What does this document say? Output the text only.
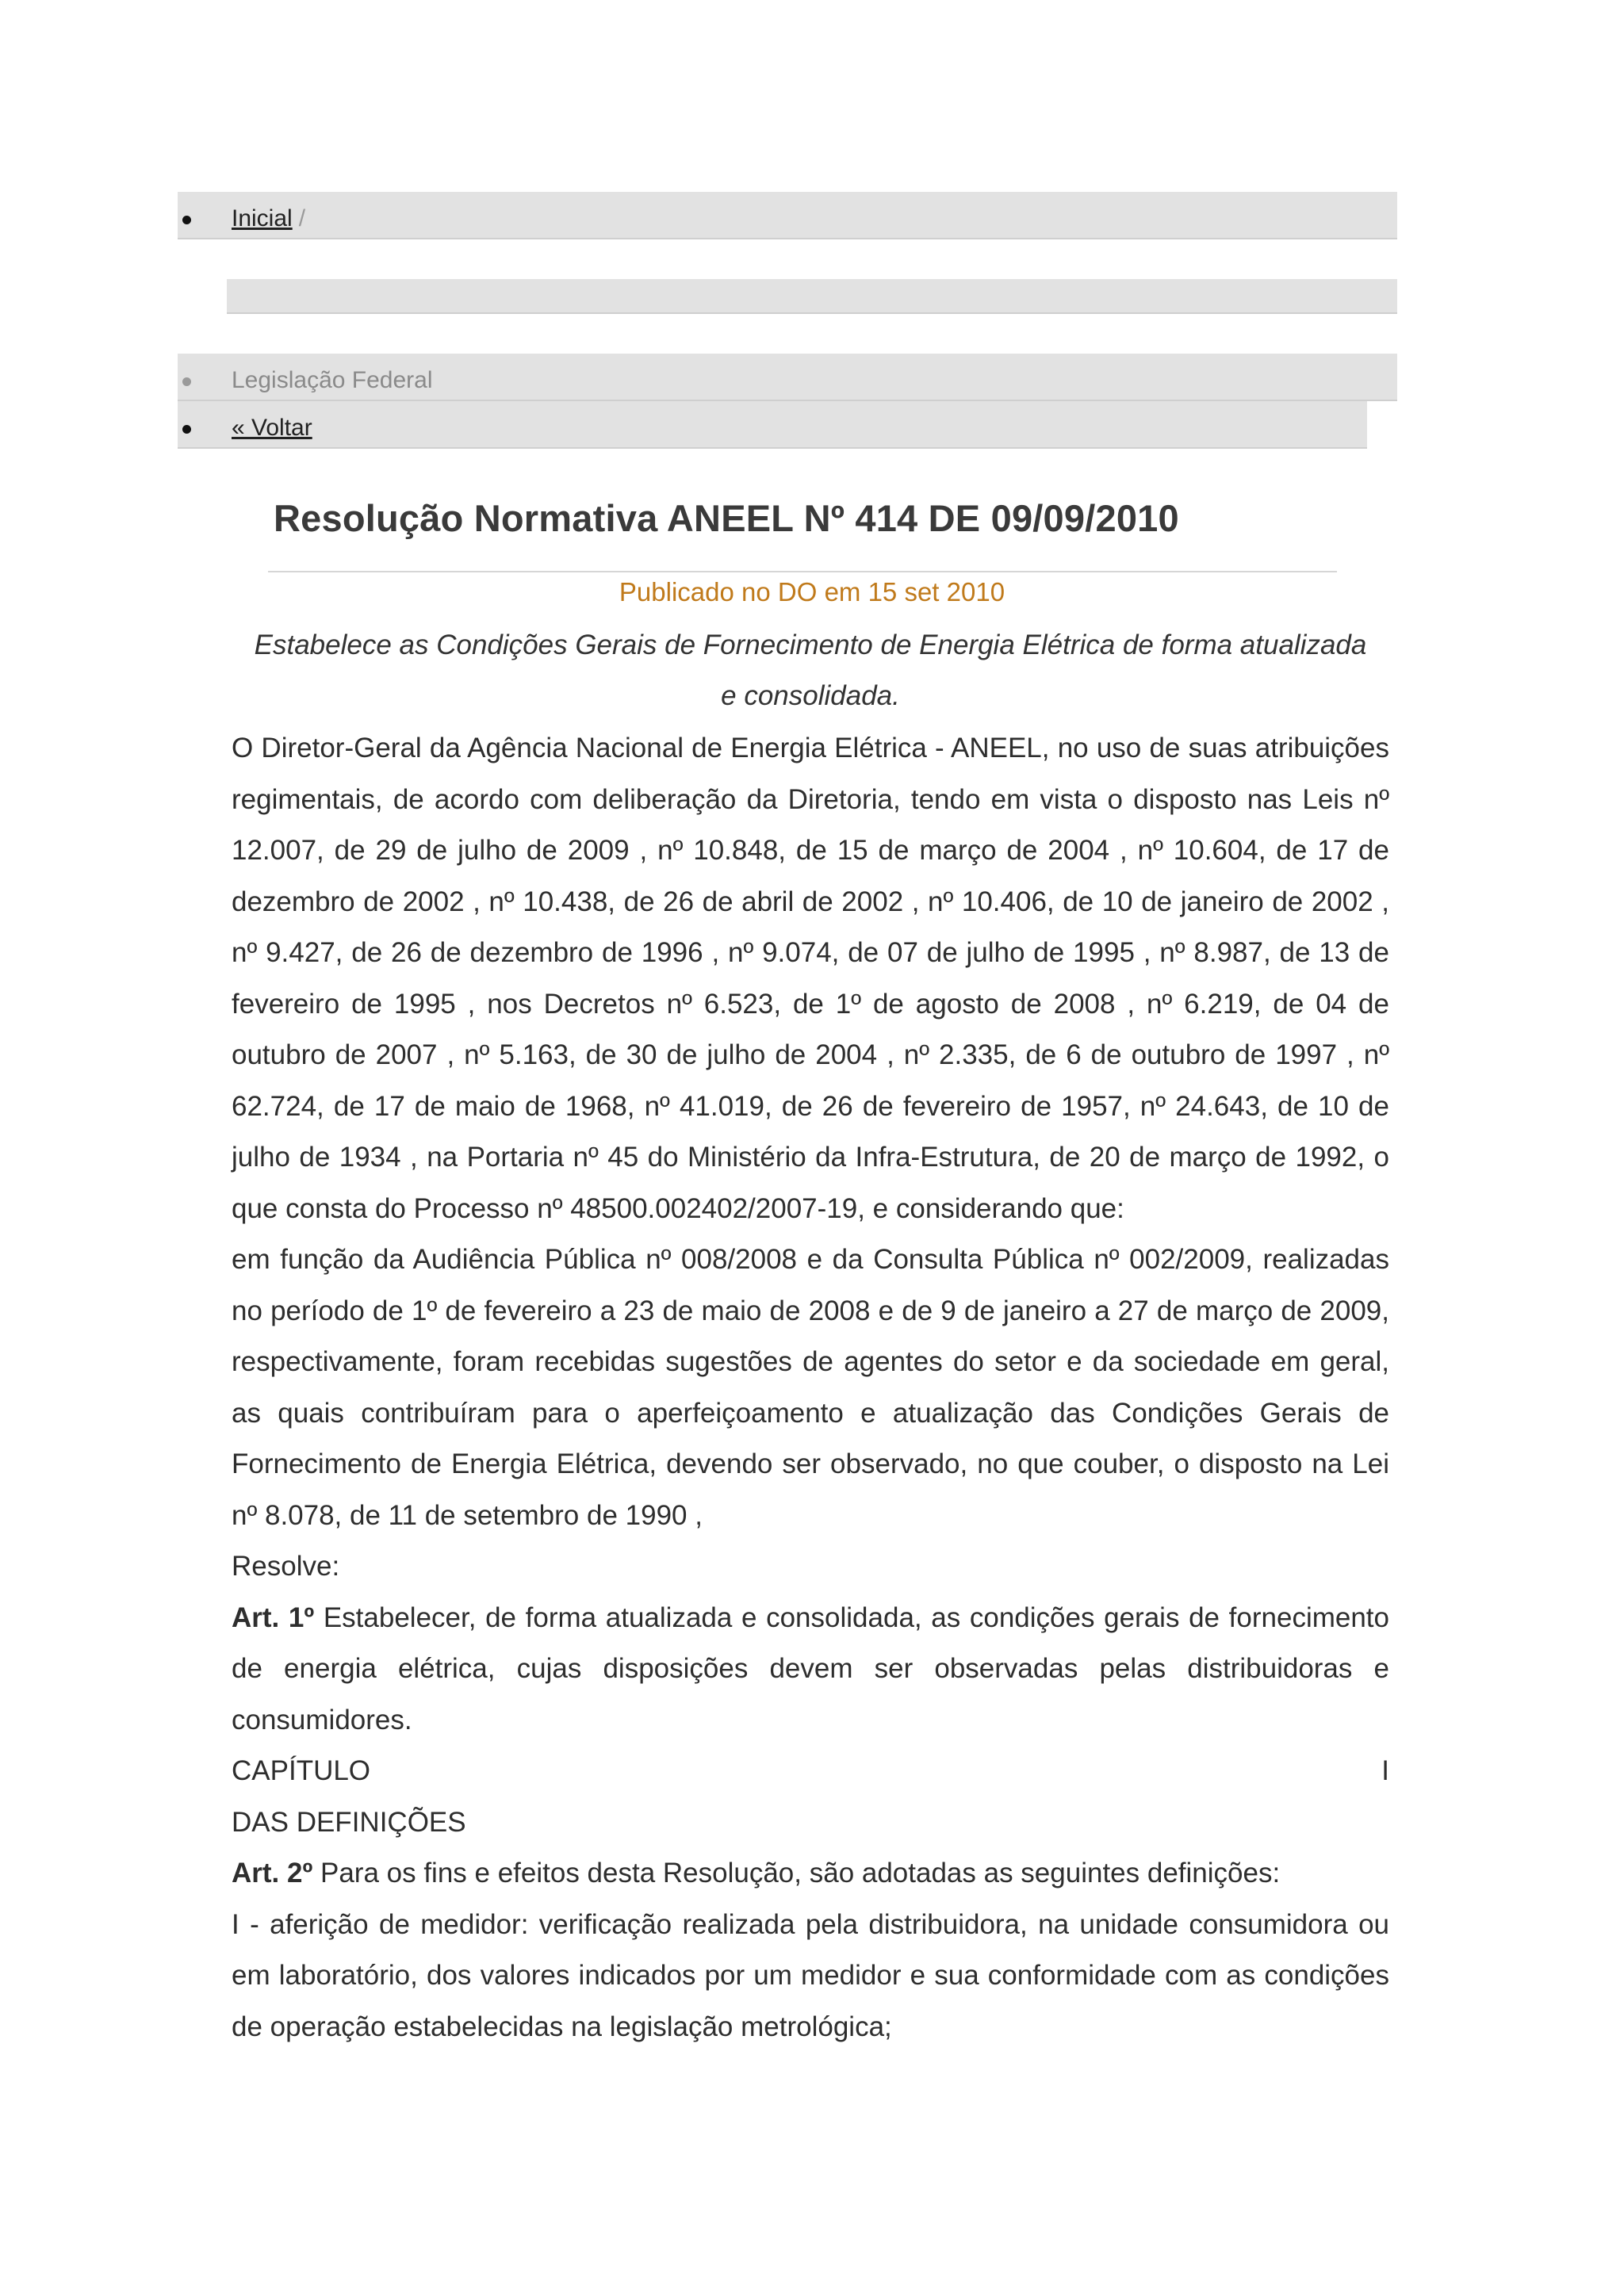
Inicial /
Legislação Federal
« Voltar
Resolução Normativa ANEEL Nº 414 DE 09/09/2010
Publicado no DO em 15 set 2010
Estabelece as Condições Gerais de Fornecimento de Energia Elétrica de forma atualizada
e consolidada.

O Diretor-Geral da Agência Nacional de Energia Elétrica - ANEEL, no uso de suas atribuições regimentais, de acordo com deliberação da Diretoria, tendo em vista o disposto nas Leis nº 12.007, de 29 de julho de 2009 , nº 10.848, de 15 de março de 2004 , nº 10.604, de 17 de dezembro de 2002 , nº 10.438, de 26 de abril de 2002 , nº 10.406, de 10 de janeiro de 2002 , nº 9.427, de 26 de dezembro de 1996 , nº 9.074, de 07 de julho de 1995 , nº 8.987, de 13 de fevereiro de 1995 , nos Decretos nº 6.523, de 1º de agosto de 2008 , nº 6.219, de 04 de outubro de 2007 , nº 5.163, de 30 de julho de 2004 , nº 2.335, de 6 de outubro de 1997 , nº 62.724, de 17 de maio de 1968, nº 41.019, de 26 de fevereiro de 1957, nº 24.643, de 10 de julho de 1934 , na Portaria nº 45 do Ministério da Infra-Estrutura, de 20 de março de 1992, o que consta do Processo nº 48500.002402/2007-19, e considerando que:

em função da Audiência Pública nº 008/2008 e da Consulta Pública nº 002/2009, realizadas no período de 1º de fevereiro a 23 de maio de 2008 e de 9 de janeiro a 27 de março de 2009, respectivamente, foram recebidas sugestões de agentes do setor e da sociedade em geral, as quais contribuíram para o aperfeiçoamento e atualização das Condições Gerais de Fornecimento de Energia Elétrica, devendo ser observado, no que couber, o disposto na Lei nº 8.078, de 11 de setembro de 1990 ,

Resolve:

Art. 1º Estabelecer, de forma atualizada e consolidada, as condições gerais de fornecimento de energia elétrica, cujas disposições devem ser observadas pelas distribuidoras e consumidores.

CAPÍTULO	I

DAS DEFINIÇÕES

Art. 2º Para os fins e efeitos desta Resolução, são adotadas as seguintes definições:

I - aferição de medidor: verificação realizada pela distribuidora, na unidade consumidora ou em laboratório, dos valores indicados por um medidor e sua conformidade com as condições de operação estabelecidas na legislação metrológica;
